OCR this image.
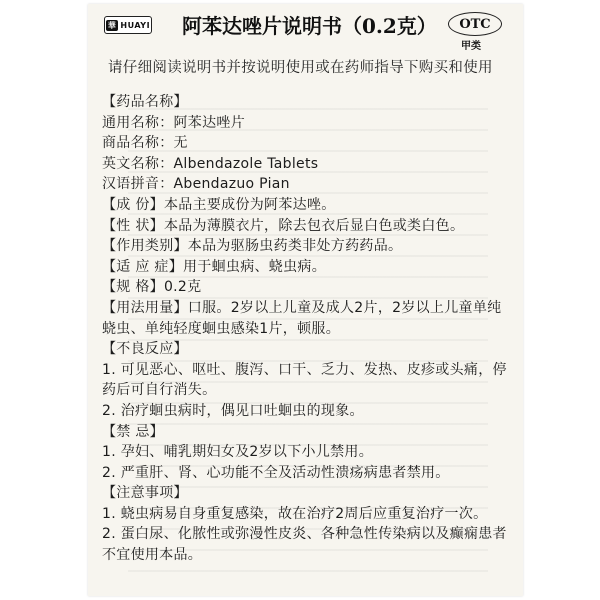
華 HUAYI 阿苯达唑片说明书（0.2克）	OTC
甲类
请仔细阅读说明书并按说明使用或在药师指导下购买和使用
【药品名称】
通用名称：阿苯达唑片
商品名称：无
英文名称：Albendazole Tablets
汉语拼音：Abendazuo Pian
【成 份】本品主要成份为阿苯达唑。
【性 状】本品为薄膜衣片，除去包衣后显白色或类白色。
【作用类别】本品为驱肠虫药类非处方药药品。
【适 应 症】用于蛔虫病、蛲虫病。
【规 格】0.2克
【用法用量】口服。2岁以上儿童及成人2片，2岁以上儿童单纯
蛲虫、单纯轻度蛔虫感染1片，顿服。
【不良反应】
1. 可见恶心、呕吐、腹泻、口干、乏力、发热、皮疹或头痛，停
药后可自行消失。
2. 治疗蛔虫病时，偶见口吐蛔虫的现象。
【禁 忌】
1. 孕妇、哺乳期妇女及2岁以下小儿禁用。
2. 严重肝、肾、心功能不全及活动性溃疡病患者禁用。
【注意事项】
1. 蛲虫病易自身重复感染，故在治疗2周后应重复治疗一次。
2. 蛋白尿、化脓性或弥漫性皮炎、各种急性传染病以及癫痫患者
不宜使用本品。
